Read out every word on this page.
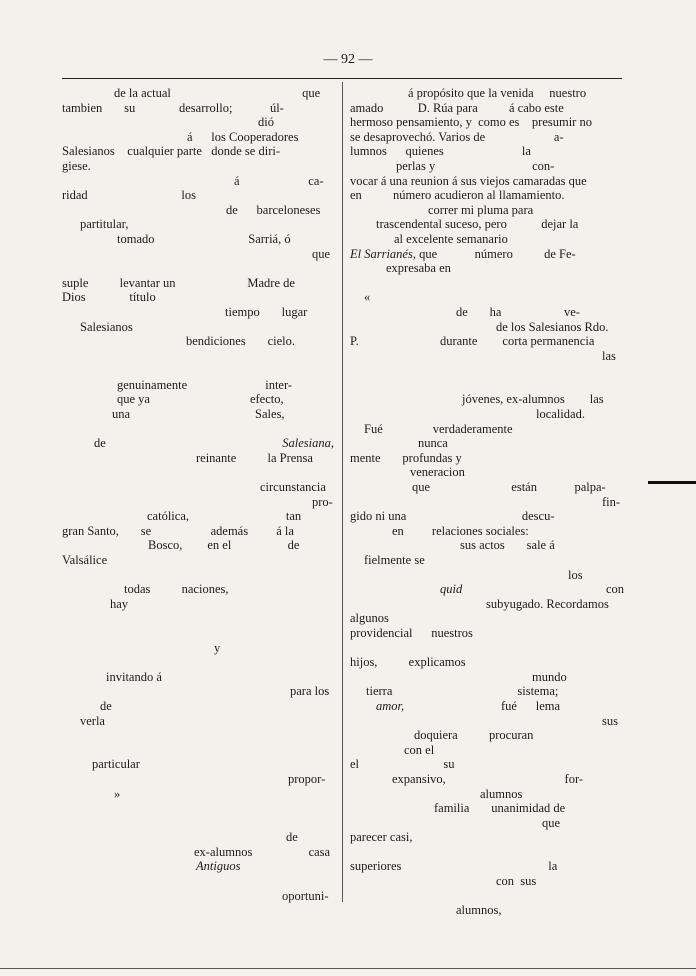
— 92 —
de la actual                                          que
tambien       su              desarrollo;            úl-
dió
á      los Cooperadores
Salesianos    cualquier parte   donde se diri-
giese.
á                      ca-
ridad                              los
de      barceloneses
partitular,
tomado                              Sarriá, ó
que
suple          levantar un                       Madre de
Dios              título
tiempo       lugar
Salesianos
bendiciones       cielo.
genuinamente                         inter-
que ya                                efecto,
una                                        Sales,
de	Salesiana,
reinante          la Prensa
circunstancia
pro-
católica,                               tan
gran Santo,       se                   además         á la
Bosco,        en el                  de
Valsálice
todas          naciones,
hay
y
invitando á
para los
de
verla
particular
propor-
»
de
ex-alumnos                  casa
Antiguos
oportuni-
á propósito que la venida     nuestro
amado           D. Rúa para          á cabo este
hermoso pensamiento, y  como es    presumir no
se desaprovechó. Varios de                      a-
lumnos      quienes                         la
perlas y                               con-
vocar á una reunion á sus viejos camaradas que
en          número acudieron al llamamiento.
correr mi pluma para
trascendental suceso, pero           dejar la
al excelente semanario
El Sarrianés, que            número          de Fe-
expresaba en
«
de       ha                    ve-
de los Salesianos Rdo.
P.                          durante        corta permanencia
las
jóvenes, ex-alumnos        las
localidad.
Fué                verdaderamente
nunca
mente       profundas y
veneracion
que                          están            palpa-
fin-
gido ni una                                     descu-
en         relaciones sociales:
sus actos       sale á
fielmente se
los
quid                                              con
subyugado. Recordamos
algunos
providencial      nuestros
hijos,          explicamos
mundo
tierra                                        sistema;
amor,                               fué      lema
sus
doquiera          procuran
con el
el                           su
expansivo,                                      for-
alumnos
familia       unanimidad de
que
parecer casi,
superiores                                               la
con  sus
alumnos,
